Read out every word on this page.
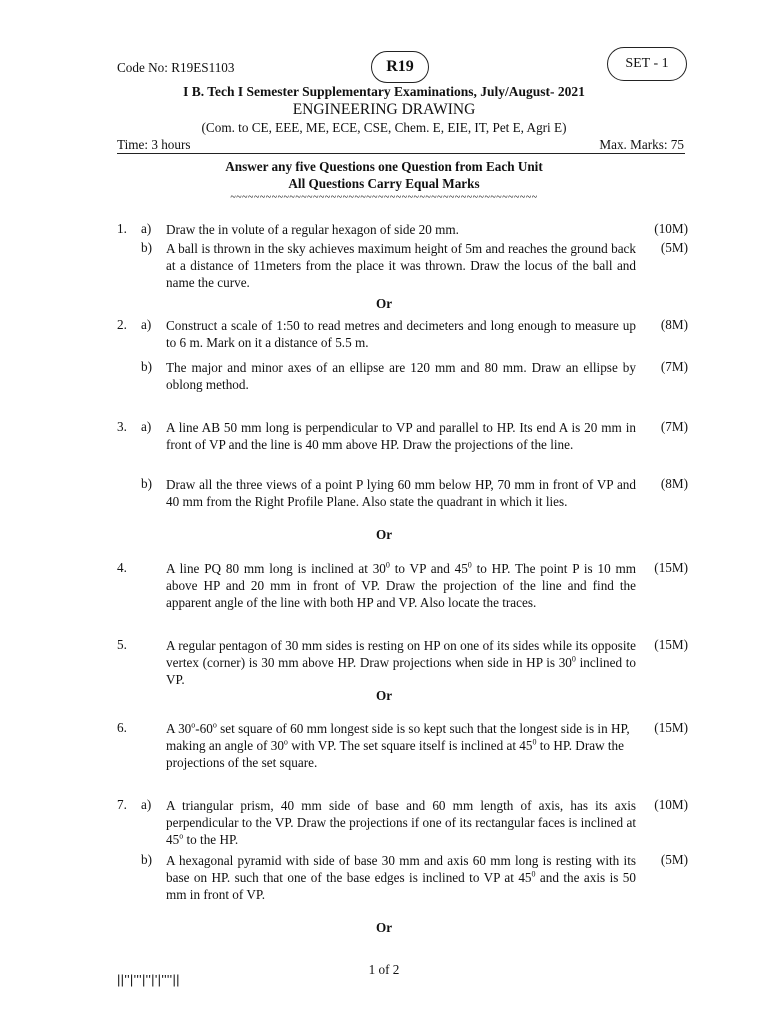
Code No: R19ES1103	R19	SET - 1
I B. Tech I Semester Supplementary Examinations, July/August- 2021
ENGINEERING DRAWING
(Com. to CE, EEE, ME, ECE, CSE, Chem. E, EIE, IT, Pet E, Agri E)
Time: 3 hours	Max. Marks: 75
Answer any five Questions one Question from Each Unit
All Questions Carry Equal Marks
~~~~~~~~~~~~~~~~~~~~~~~~~~~~~~~~~~~~~~~~~~~~~~~~~~~~
1. a) Draw the in volute of a regular hexagon of side 20 mm.	(10M)
b) A ball is thrown in the sky achieves maximum height of 5m and reaches the ground back at a distance of 11meters from the place it was thrown. Draw the locus of the ball and name the curve.
(5M)
Or
2. a) Construct a scale of 1:50 to read metres and decimeters and long enough to measure up to 6 m. Mark on it a distance of 5.5 m.
(8M)
b) The major and minor axes of an ellipse are 120 mm and 80 mm. Draw an ellipse by oblong method.
(7M)
3. a) A line AB 50 mm long is perpendicular to VP and parallel to HP. Its end A is 20 mm in front of VP and the line is 40 mm above HP. Draw the projections of the line.
(7M)
b) Draw all the three views of a point P lying 60 mm below HP, 70 mm in front of VP and 40 mm from the Right Profile Plane. Also state the quadrant in which it lies.
(8M)
Or
4.	A line PQ 80 mm long is inclined at $30^0$ to VP and $45^0$ to HP. The point P is 10 mm above HP and 20 mm in front of VP. Draw the projection of the line and find the apparent angle of the line with both HP and VP. Also locate the traces.
(15M)
5.	A regular pentagon of 30 mm sides is resting on HP on one of its sides while its opposite vertex (corner) is 30 mm above HP. Draw projections when side in HP is $30^0$ inclined to VP.
(15M)
Or
6.	A 30$^o$-60$^o$ set square of 60 mm longest side is so kept such that the longest side is in HP, making an angle of 30$^o$ with VP. The set square itself is inclined at $45^0$ to HP. Draw the projections of the set square.
(15M)
7. a) A triangular prism, 40 mm side of base and 60 mm length of axis, has its axis perpendicular to the VP. Draw the projections if one of its rectangular faces is inclined at 45$^o$ to the HP.
(10M)
b) A hexagonal pyramid with side of base 30 mm and axis 60 mm long is resting with its base on HP. such that one of the base edges is inclined to VP at $45^0$ and the axis is 50 mm in front of VP.
(5M)
Or
1 of 2
||''|'''|''|'|''''||
